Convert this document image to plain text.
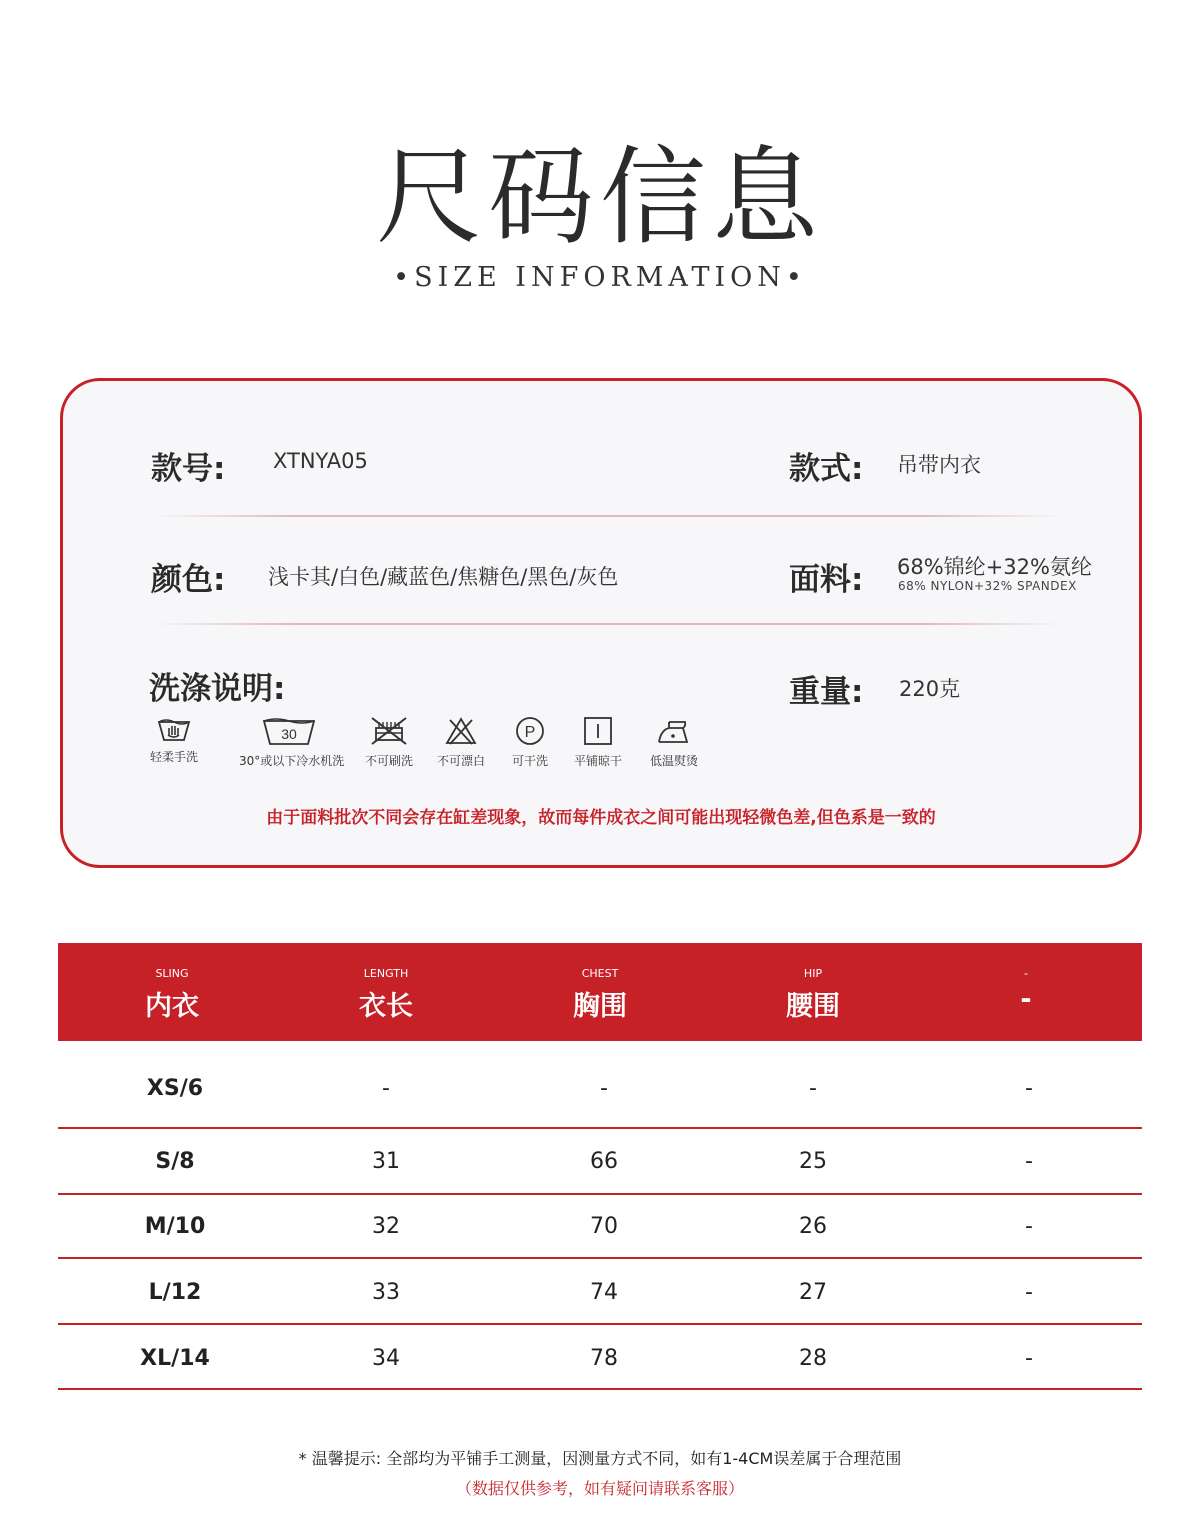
尺码信息
•SIZE INFORMATION•
款号: XTNYA05	款式: 吊带内衣
颜色: 浅卡其/白色/藏蓝色/焦糖色/黑色/灰色	面料: 68%锦纶+32%氨纶
68% NYLON+32% SPANDEX
洗涤说明:	重量: 220克
轻柔手洗
30
30°或以下冷水机洗	不可刷洗	不可漂白
P
可干洗	平铺晾干	低温熨烫
由于面料批次不同会存在缸差现象，故而每件成衣之间可能出现轻微色差,但色系是一致的
SLING
内衣
LENGTH
衣长
CHEST
胸围
HIP
腰围
-
-
XS/6	-	-	-	-
S/8	31	66	25	-
M/10	32	70	26	-
L/12	33	74	27	-
XL/14	34	78	28	-
* 温馨提示: 全部均为平铺手工测量，因测量方式不同，如有1-4CM误差属于合理范围
（数据仅供参考，如有疑问请联系客服）
